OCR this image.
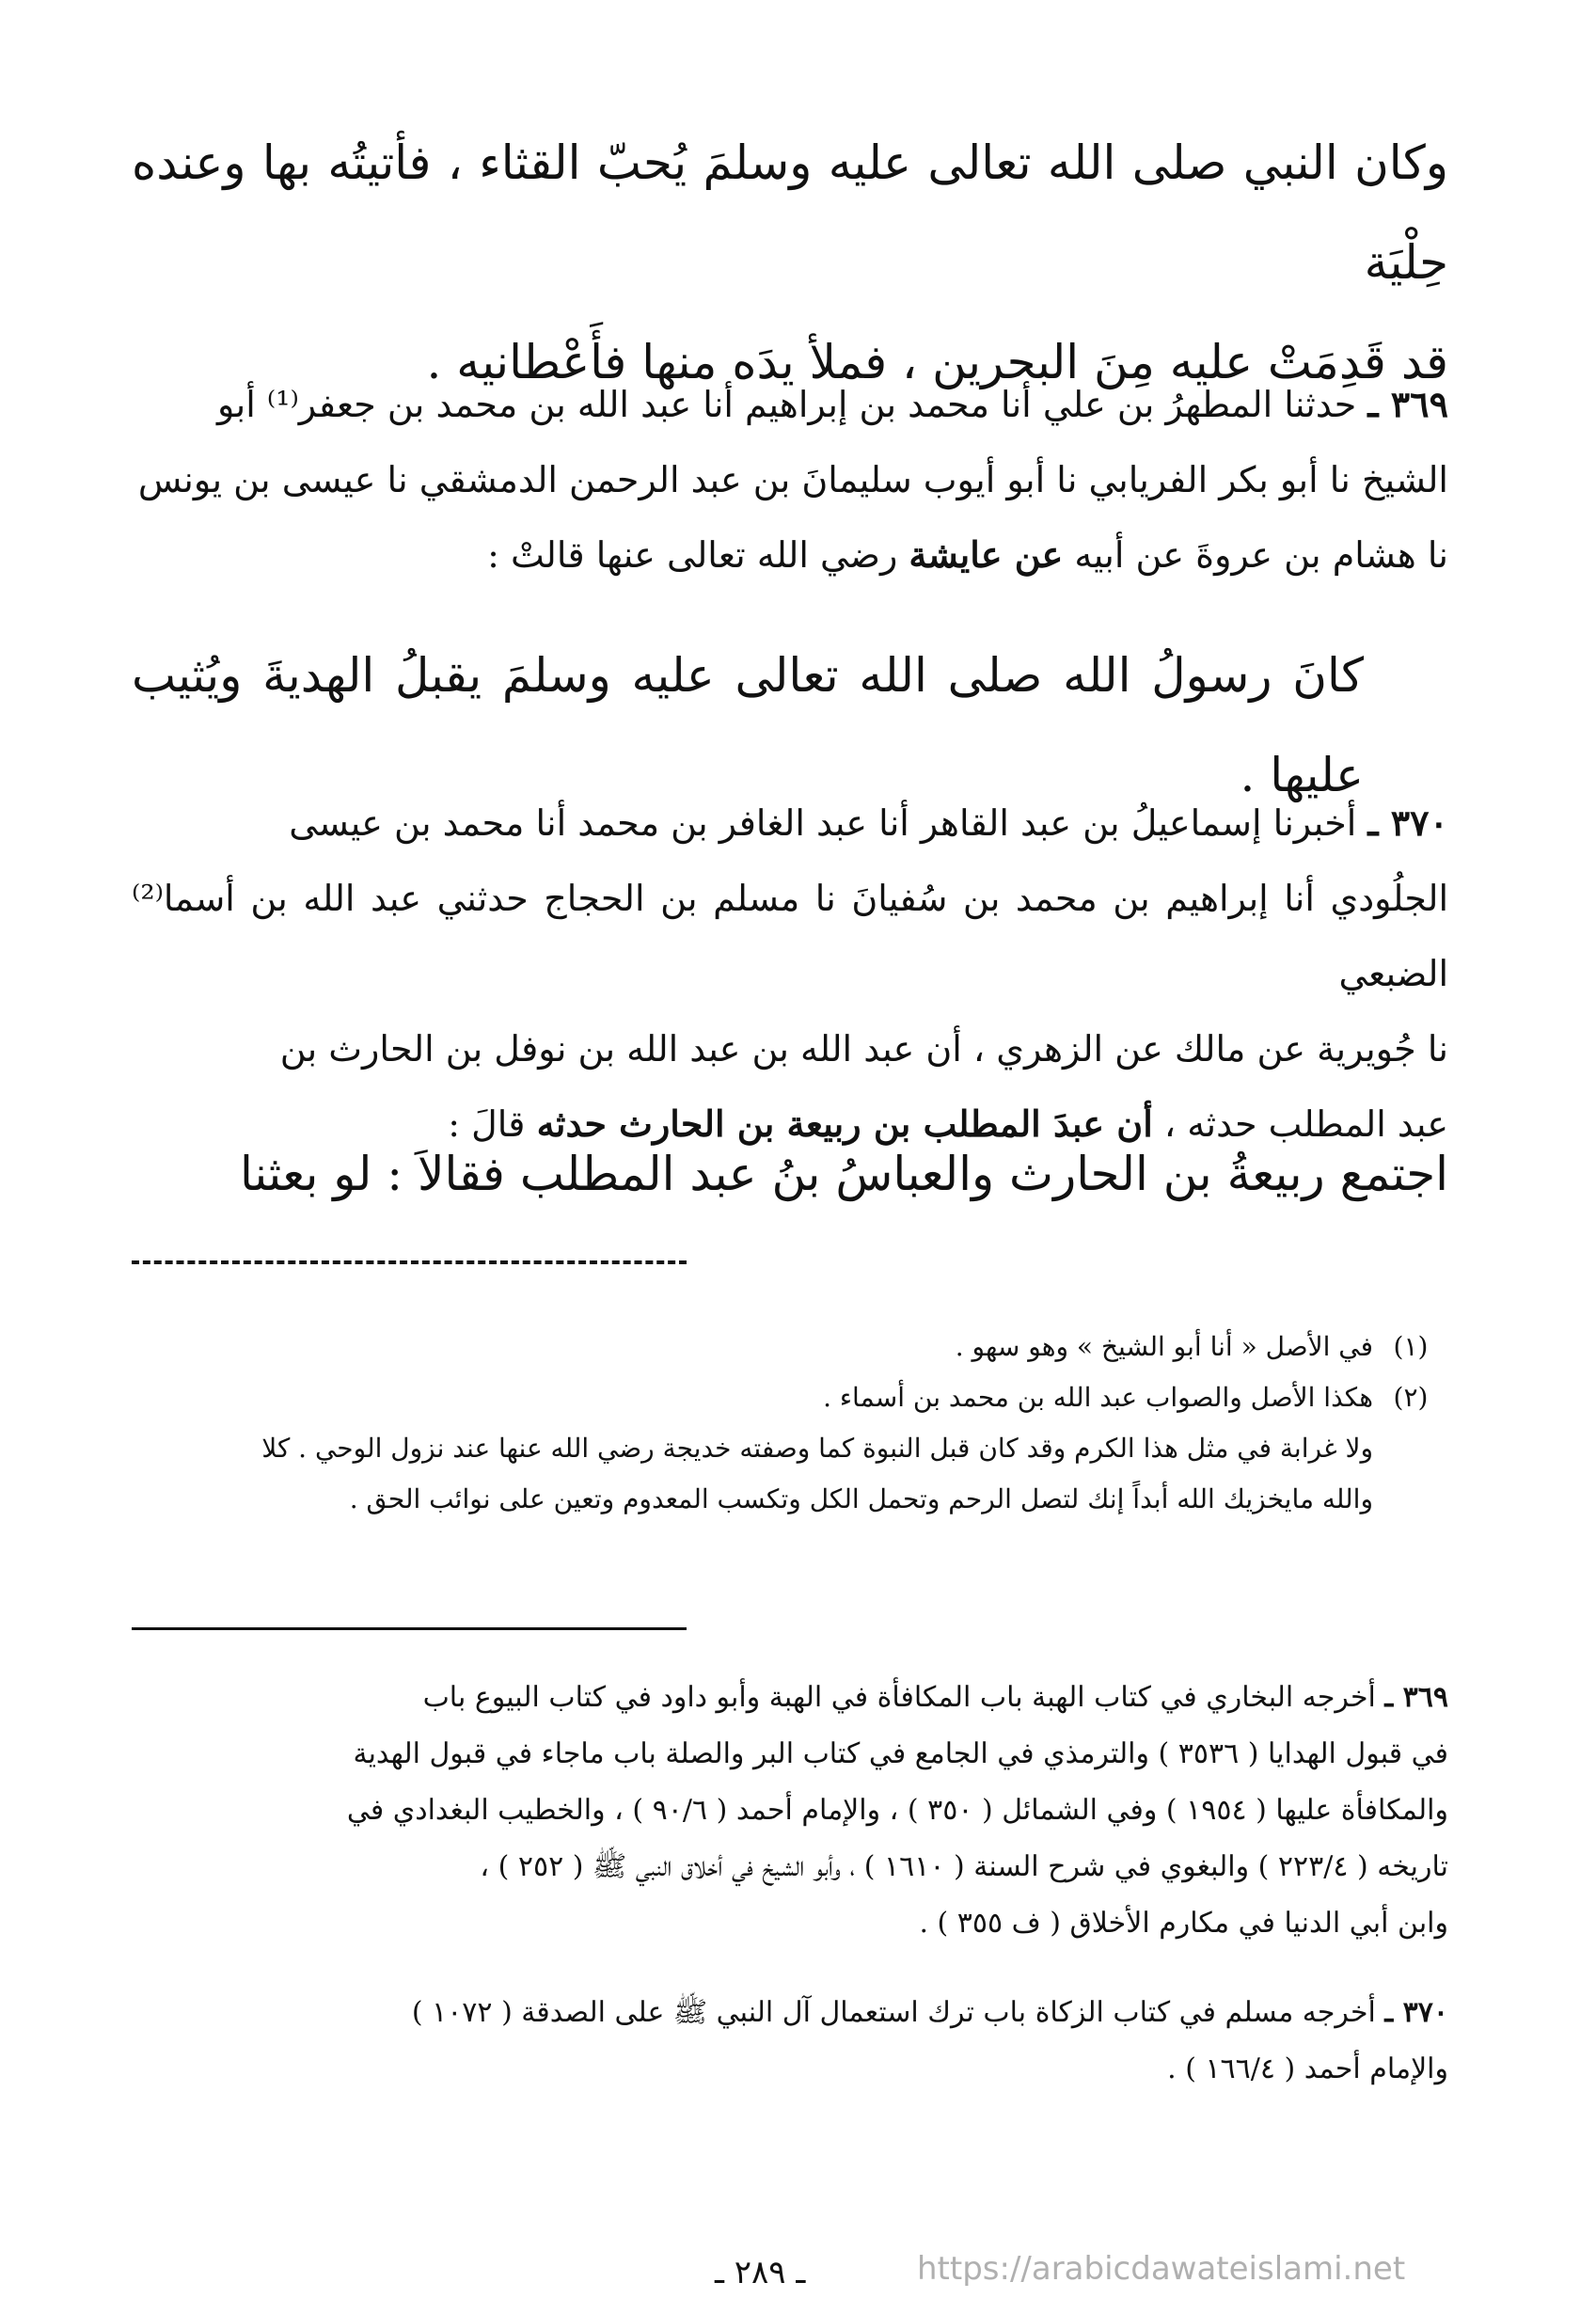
وكان النبي صلى الله تعالى عليه وسلمَ يُحبّ القثاء ، فأتيتُه بها وعنده حِلْيَة

قد قَدِمَتْ عليه مِنَ البحرين ، فملأ يدَه منها فأَعْطانيه .

٣٦٩ ـ حدثنا المطهرُ بن علي أنا محمد بن إبراهيم أنا عبد الله بن محمد بن جعفر⁽¹⁾ أبو

الشيخ نا أبو بكر الفريابي نا أبو أيوب سليمانَ بن عبد الرحمن الدمشقي نا عيسى بن يونس

نا هشام بن عروةَ عن أبيه عن عايشة رضي الله تعالى عنها قالتْ :

كانَ رسولُ الله صلى الله تعالى عليه وسلمَ يقبلُ الهديةَ ويُثيب عليها .

٣٧٠ ـ أخبرنا إسماعيلُ بن عبد القاهر أنا عبد الغافر بن محمد أنا محمد بن عيسى

الجلُودي أنا إبراهيم بن محمد بن سُفيانَ نا مسلم بن الحجاج حدثني عبد الله بن أسما⁽²⁾ الضبعي

نا جُويرية عن مالك عن الزهري ، أن عبد الله بن عبد الله بن نوفل بن الحارث بن

عبد المطلب حدثه ، أن عبدَ المطلب بن ربيعة بن الحارث حدثه قالَ :

اجتمع ربيعةُ بن الحارث والعباسُ بنُ عبد المطلب فقالاَ : لو بعثنا

(١)
في الأصل « أنا أبو الشيخ » وهو سهو .
(٢)
هكذا الأصل والصواب عبد الله بن محمد بن أسماء .

ولا غرابة في مثل هذا الكرم وقد كان قبل النبوة كما وصفته خديجة رضي الله عنها عند نزول الوحي . كلا

والله مايخزيك الله أبداً إنك لتصل الرحم وتحمل الكل وتكسب المعدوم وتعين على نوائب الحق .

٣٦٩ ـ أخرجه البخاري في كتاب الهبة باب المكافأة في الهبة وأبو داود في كتاب البيوع باب

في قبول الهدايا ( ٣٥٣٦ ) والترمذي في الجامع في كتاب البر والصلة باب ماجاء في قبول الهدية

والمكافأة عليها ( ١٩٥٤ ) وفي الشمائل ( ٣٥٠ ) ، والإمام أحمد ( ٩٠/٦ ) ، والخطيب البغدادي في

تاريخه ( ٢٢٣/٤ ) والبغوي في شرح السنة ( ١٦١٠ ) ، وأبو الشيخ في أخلاق النبي ﷺ ( ٢٥٢ ) ،

وابن أبي الدنيا في مكارم الأخلاق ( ف ٣٥٥ ) .

٣٧٠ ـ أخرجه مسلم في كتاب الزكاة باب ترك استعمال آل النبي ﷺ على الصدقة ( ١٠٧٢ )

والإمام أحمد ( ١٦٦/٤ ) .

ـ ٢٨٩ ـ	https://arabicdawateislami.net
